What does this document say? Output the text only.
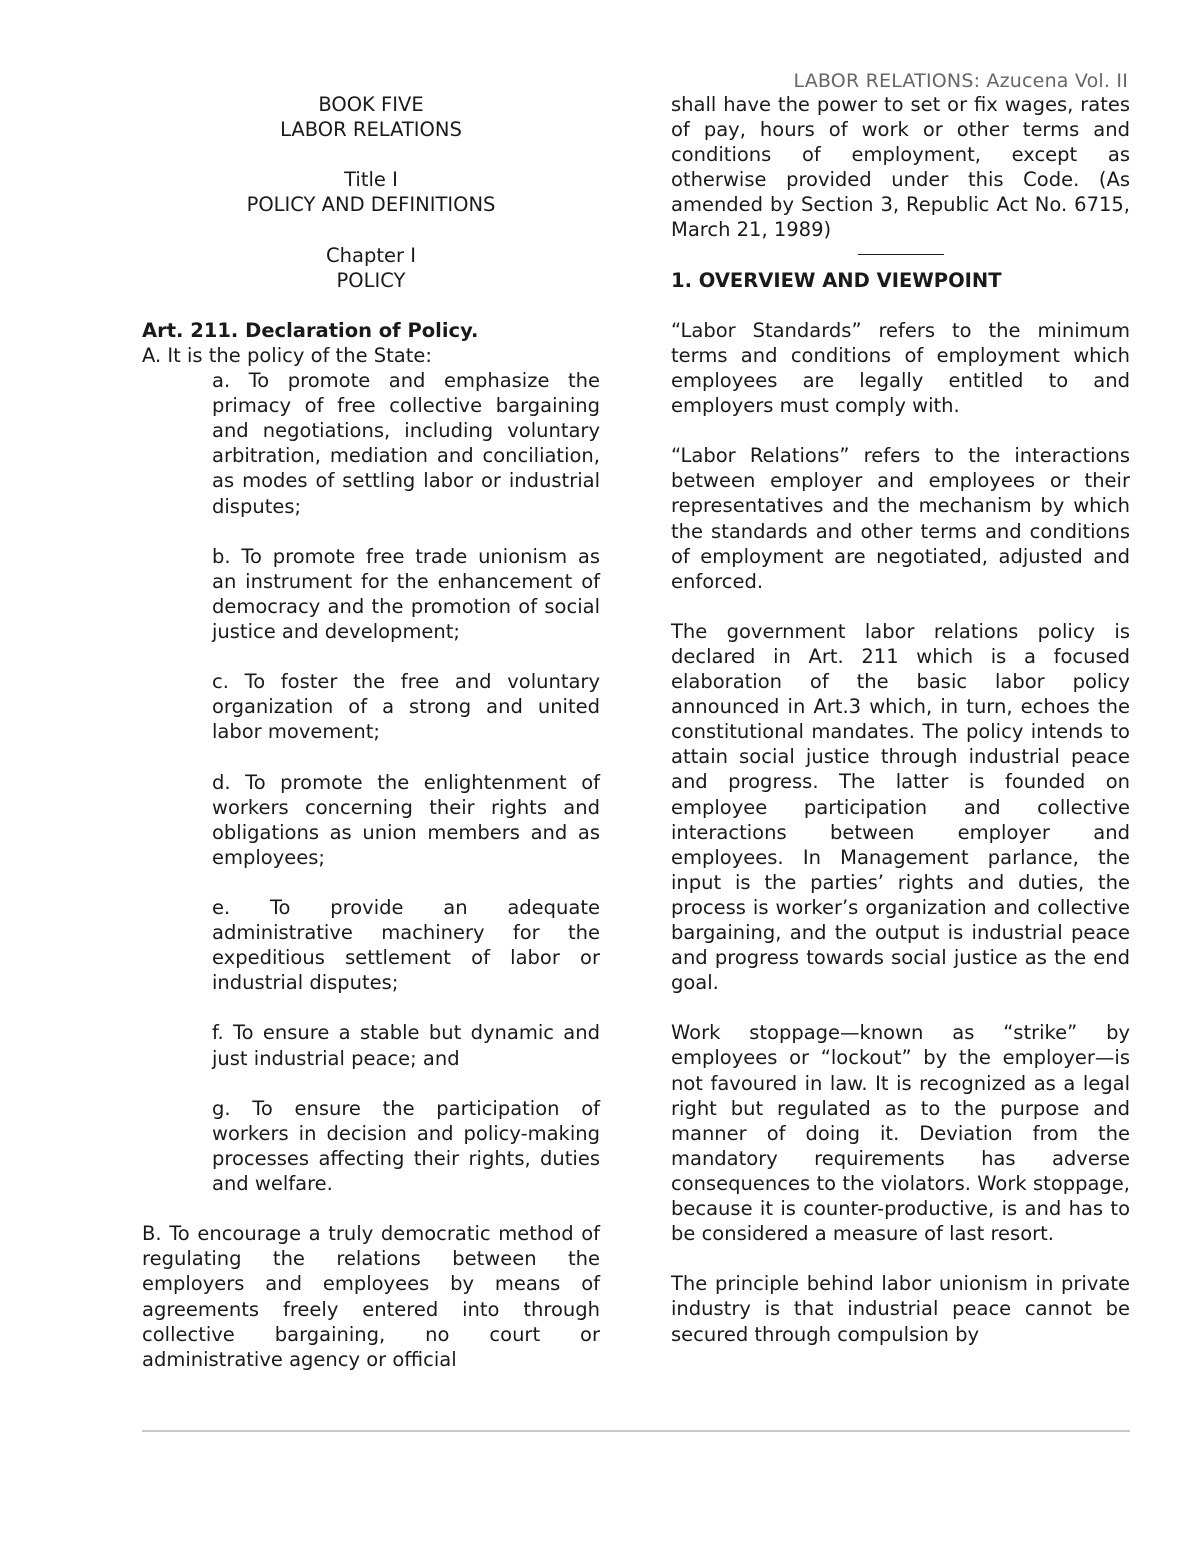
LABOR RELATIONS: Azucena Vol. II

BOOK FIVE

LABOR RELATIONS

Title I

POLICY AND DEFINITIONS

Chapter I

POLICY

Art. 211. Declaration of Policy.

A. It is the policy of the State:

a. To promote and emphasize the primacy of free collective bargaining and negotiations, including voluntary arbitration, mediation and conciliation, as modes of settling labor or industrial disputes;

b. To promote free trade unionism as an instrument for the enhancement of democracy and the promotion of social justice and development;

c. To foster the free and voluntary organization of a strong and united labor movement;

d. To promote the enlightenment of workers concerning their rights and obligations as union members and as employees;

e. To provide an adequate administrative machinery for the expeditious settlement of labor or industrial disputes;

f. To ensure a stable but dynamic and just industrial peace; and

g. To ensure the participation of workers in decision and policy-making processes affecting their rights, duties and welfare.

B. To encourage a truly democratic method of regulating the relations between the employers and employees by means of agreements freely entered into through collective bargaining, no court or administrative agency or official

shall have the power to set or fix wages, rates of pay, hours of work or other terms and conditions of employment, except as otherwise provided under this Code. (As amended by Section 3, Republic Act No. 6715, March 21, 1989)

1. OVERVIEW AND VIEWPOINT

“Labor Standards” refers to the minimum terms and conditions of employment which employees are legally entitled to and employers must comply with.

“Labor Relations” refers to the interactions between employer and employees or their representatives and the mechanism by which the standards and other terms and conditions of employment are negotiated, adjusted and enforced.

The government labor relations policy is declared in Art. 211 which is a focused elaboration of the basic labor policy announced in Art.3 which, in turn, echoes the constitutional mandates. The policy intends to attain social justice through industrial peace and progress. The latter is founded on employee participation and collective interactions between employer and employees. In Management parlance, the input is the parties’ rights and duties, the process is worker’s organization and collective bargaining, and the output is industrial peace and progress towards social justice as the end goal.

Work stoppage—known as “strike” by employees or “lockout” by the employer—is not favoured in law. It is recognized as a legal right but regulated as to the purpose and manner of doing it. Deviation from the mandatory requirements has adverse consequences to the violators. Work stoppage, because it is counter-productive, is and has to be considered a measure of last resort.

The principle behind labor unionism in private industry is that industrial peace cannot be secured through compulsion by
